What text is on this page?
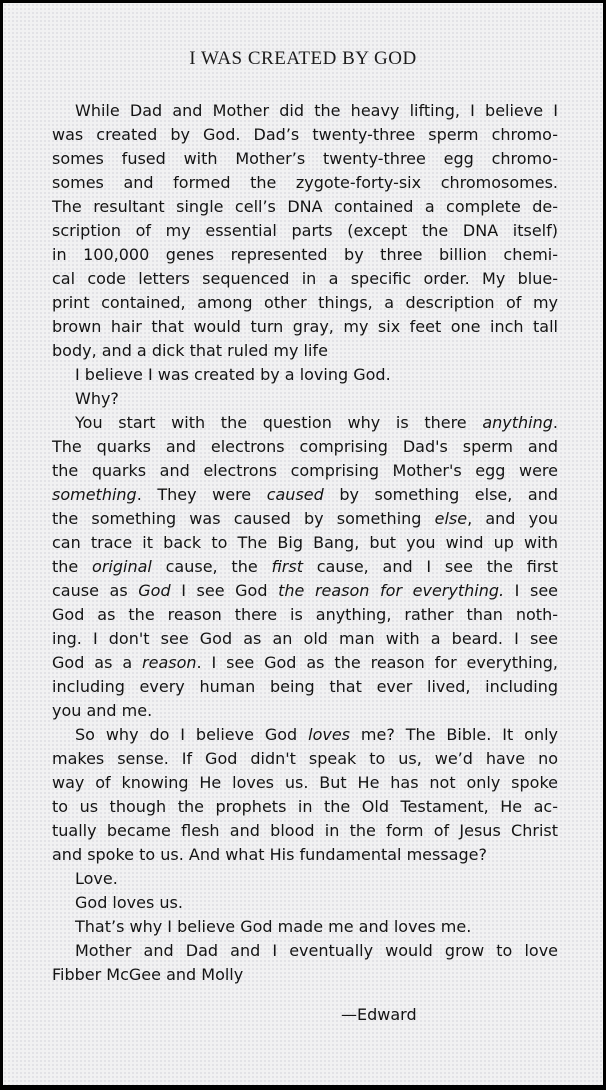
I WAS CREATED BY GOD
While Dad and Mother did the heavy lifting, I believe I
was created by God. Dad’s twenty-three sperm chromo-
somes fused with Mother’s twenty-three egg chromo-
somes and formed the zygote-forty-six chromosomes.
The resultant single cell’s DNA contained a complete de-
scription of my essential parts (except the DNA itself)
in 100,000 genes represented by three billion chemi-
cal code letters sequenced in a specific order. My blue-
print contained, among other things, a description of my
brown hair that would turn gray, my six feet one inch tall
body, and a dick that ruled my life
I believe I was created by a loving God.
Why?
You start with the question why is there anything.
The quarks and electrons comprising Dad's sperm and
the quarks and electrons comprising Mother's egg were
something. They were caused by something else, and
the something was caused by something else, and you
can trace it back to The Big Bang, but you wind up with
the original cause, the first cause, and I see the first
cause as God I see God the reason for everything. I see
God as the reason there is anything, rather than noth-
ing. I don't see God as an old man with a beard. I see
God as a reason. I see God as the reason for everything,
including every human being that ever lived, including
you and me.
So why do I believe God loves me? The Bible. It only
makes sense. If God didn't speak to us, we’d have no
way of knowing He loves us. But He has not only spoke
to us though the prophets in the Old Testament, He ac-
tually became flesh and blood in the form of Jesus Christ
and spoke to us. And what His fundamental message?
Love.
God loves us.
That’s why I believe God made me and loves me.
Mother and Dad and I eventually would grow to love
Fibber McGee and Molly
—Edward
